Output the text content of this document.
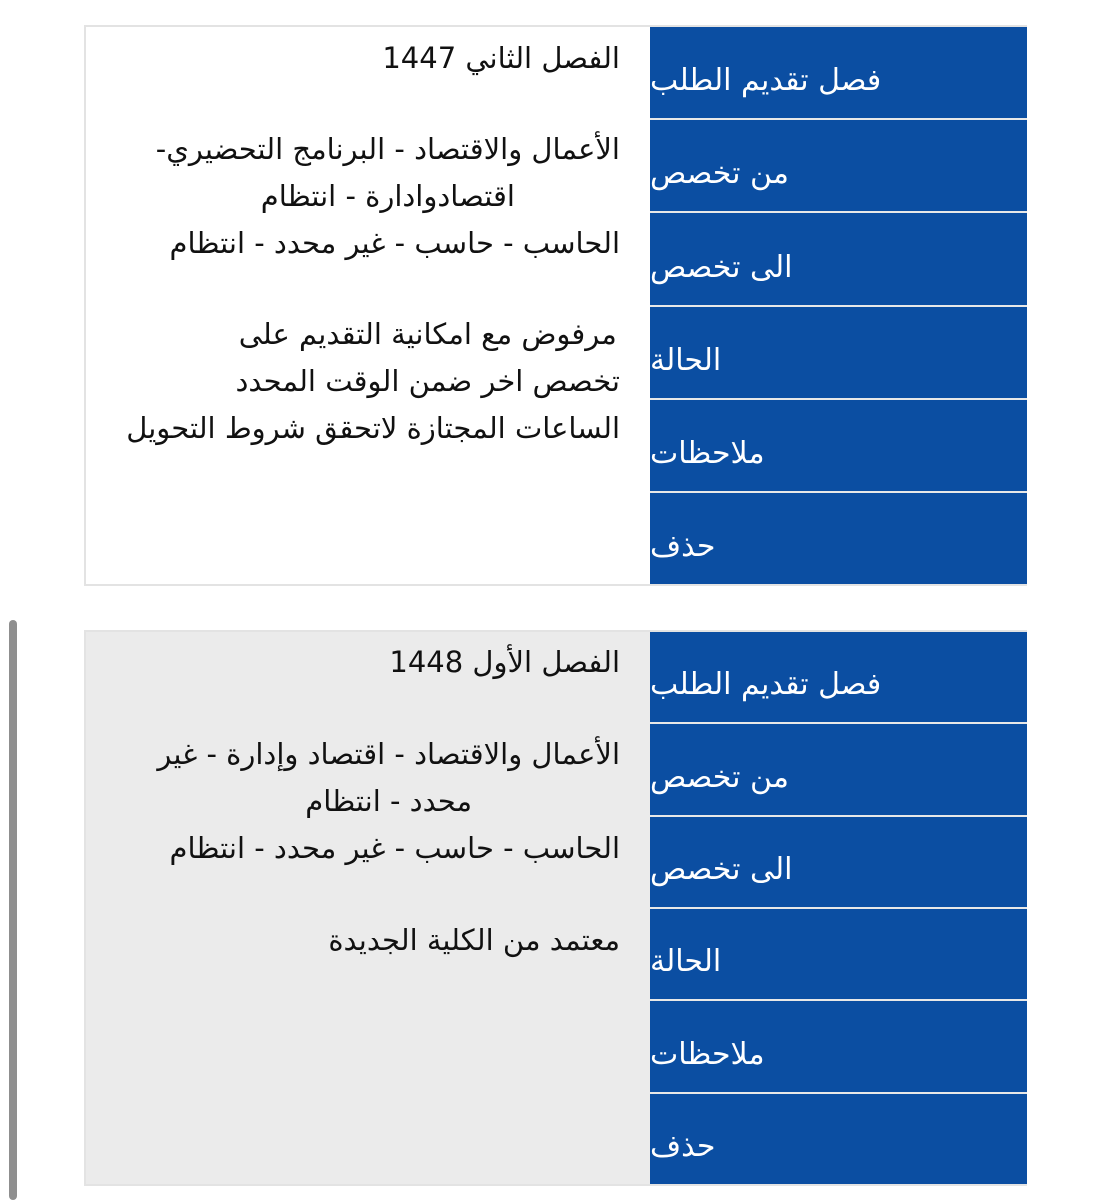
الفصل الثاني 1447
الأعمال والاقتصاد - البرنامج التحضيري-
اقتصادوادارة - انتظام
الحاسب - حاسب - غير محدد - انتظام
مرفوض مع امكانية التقديم على
تخصص اخر ضمن الوقت المحدد
الساعات المجتازة لاتحقق شروط التحويل
فصل تقديم الطلب
من تخصص
الى تخصص
الحالة
ملاحظات
حذف
الفصل الأول 1448
الأعمال والاقتصاد - اقتصاد وإدارة - غير
محدد - انتظام
الحاسب - حاسب - غير محدد - انتظام
معتمد من الكلية الجديدة
فصل تقديم الطلب
من تخصص
الى تخصص
الحالة
ملاحظات
حذف
